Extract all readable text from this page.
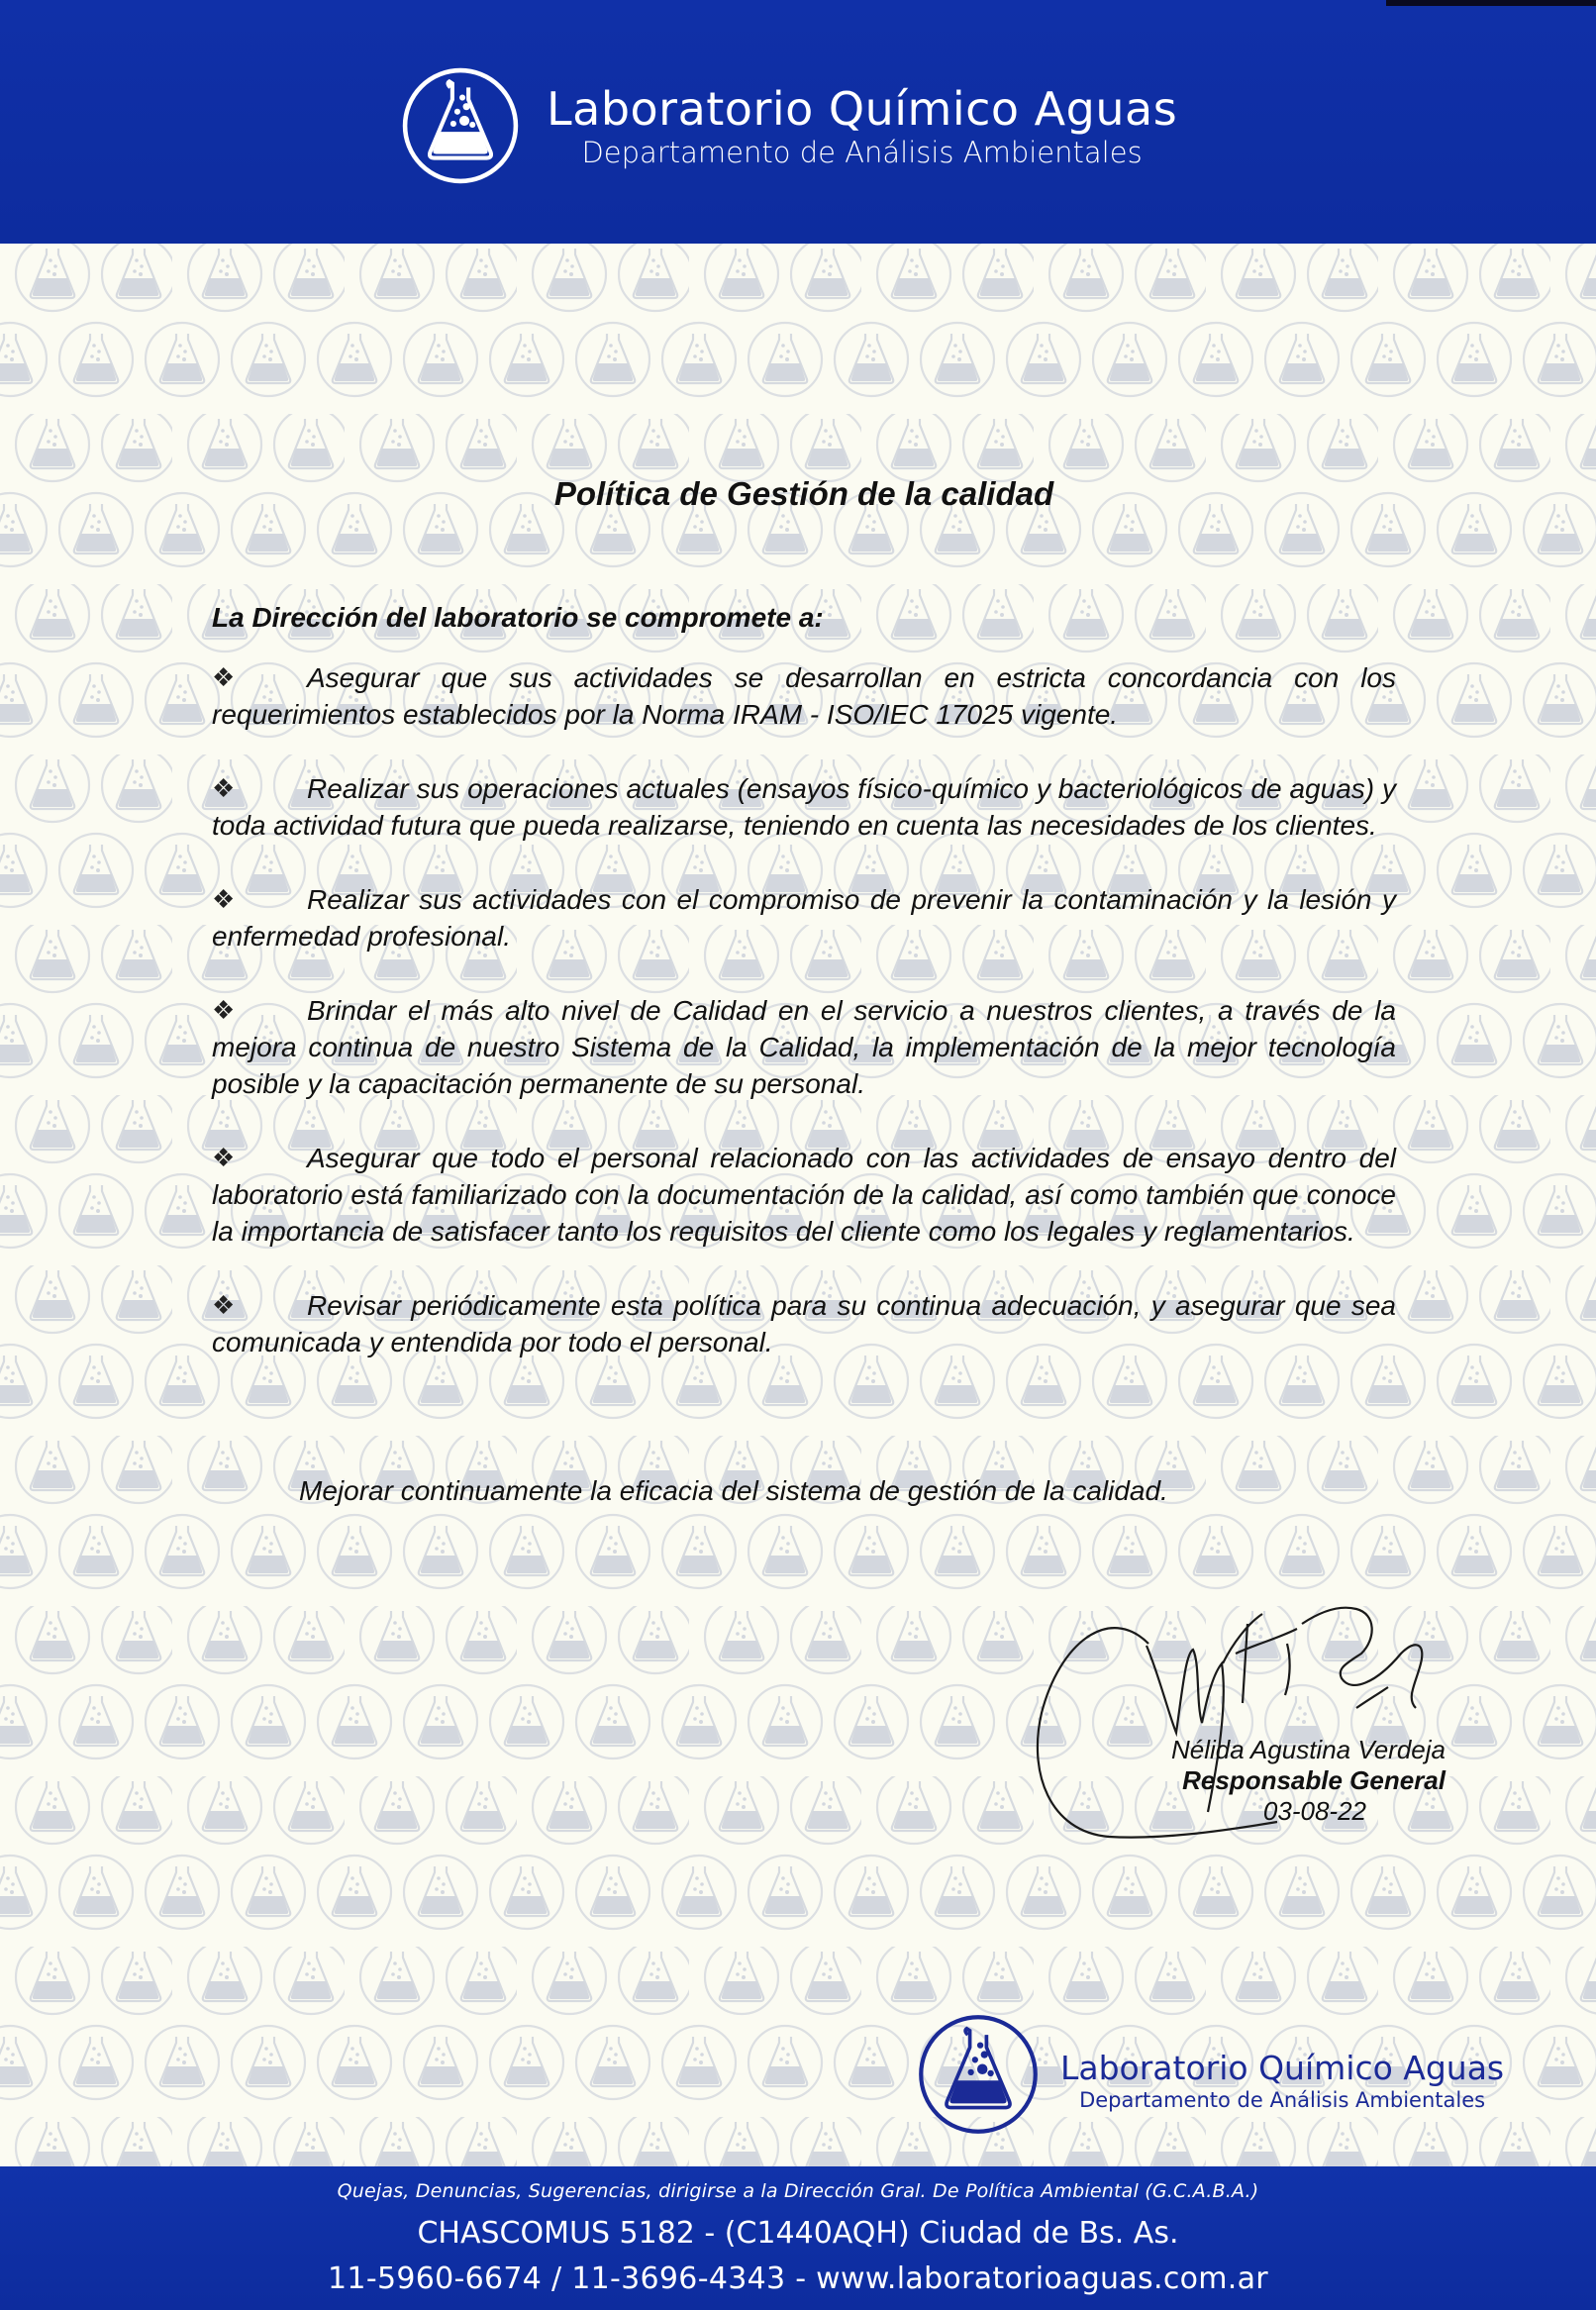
Laboratorio Químico Aguas
Departamento de Análisis Ambientales
Política de Gestión de la calidad
La Dirección del laboratorio se compromete a:

❖	Asegurar que sus actividades se desarrollan en estricta concordancia con los requerimientos establecidos por la Norma IRAM - ISO/IEC 17025 vigente.

❖	Realizar sus operaciones actuales (ensayos físico-químico y bacteriológicos de aguas) y toda actividad futura que pueda realizarse, teniendo en cuenta las necesidades de los clientes.

❖	Realizar sus actividades con el compromiso de prevenir la contaminación y la lesión y enfermedad profesional.

❖	Brindar el más alto nivel de Calidad en el servicio a nuestros clientes, a través de la mejora continua de nuestro Sistema de la Calidad, la implementación de la mejor tecnología posible y la capacitación permanente de su personal.

❖	Asegurar que todo el personal relacionado con las actividades de ensayo dentro del laboratorio está familiarizado con la documentación de la calidad, así como también que conoce la importancia de satisfacer tanto los requisitos del cliente como los legales y reglamentarios.

❖	Revisar periódicamente esta política para su continua adecuación, y asegurar que sea comunicada y entendida por todo el personal.

Mejorar continuamente la eficacia del sistema de gestión de la calidad.
Nélida Agustina Verdeja
Responsable General
03-08-22
Laboratorio Químico Aguas
Departamento de Análisis Ambientales
Quejas, Denuncias, Sugerencias, dirigirse a la Dirección Gral. De Política Ambiental (G.C.A.B.A.)
CHASCOMUS 5182 - (C1440AQH) Ciudad de Bs. As.
11-5960-6674 / 11-3696-4343 - www.laboratorioaguas.com.ar
